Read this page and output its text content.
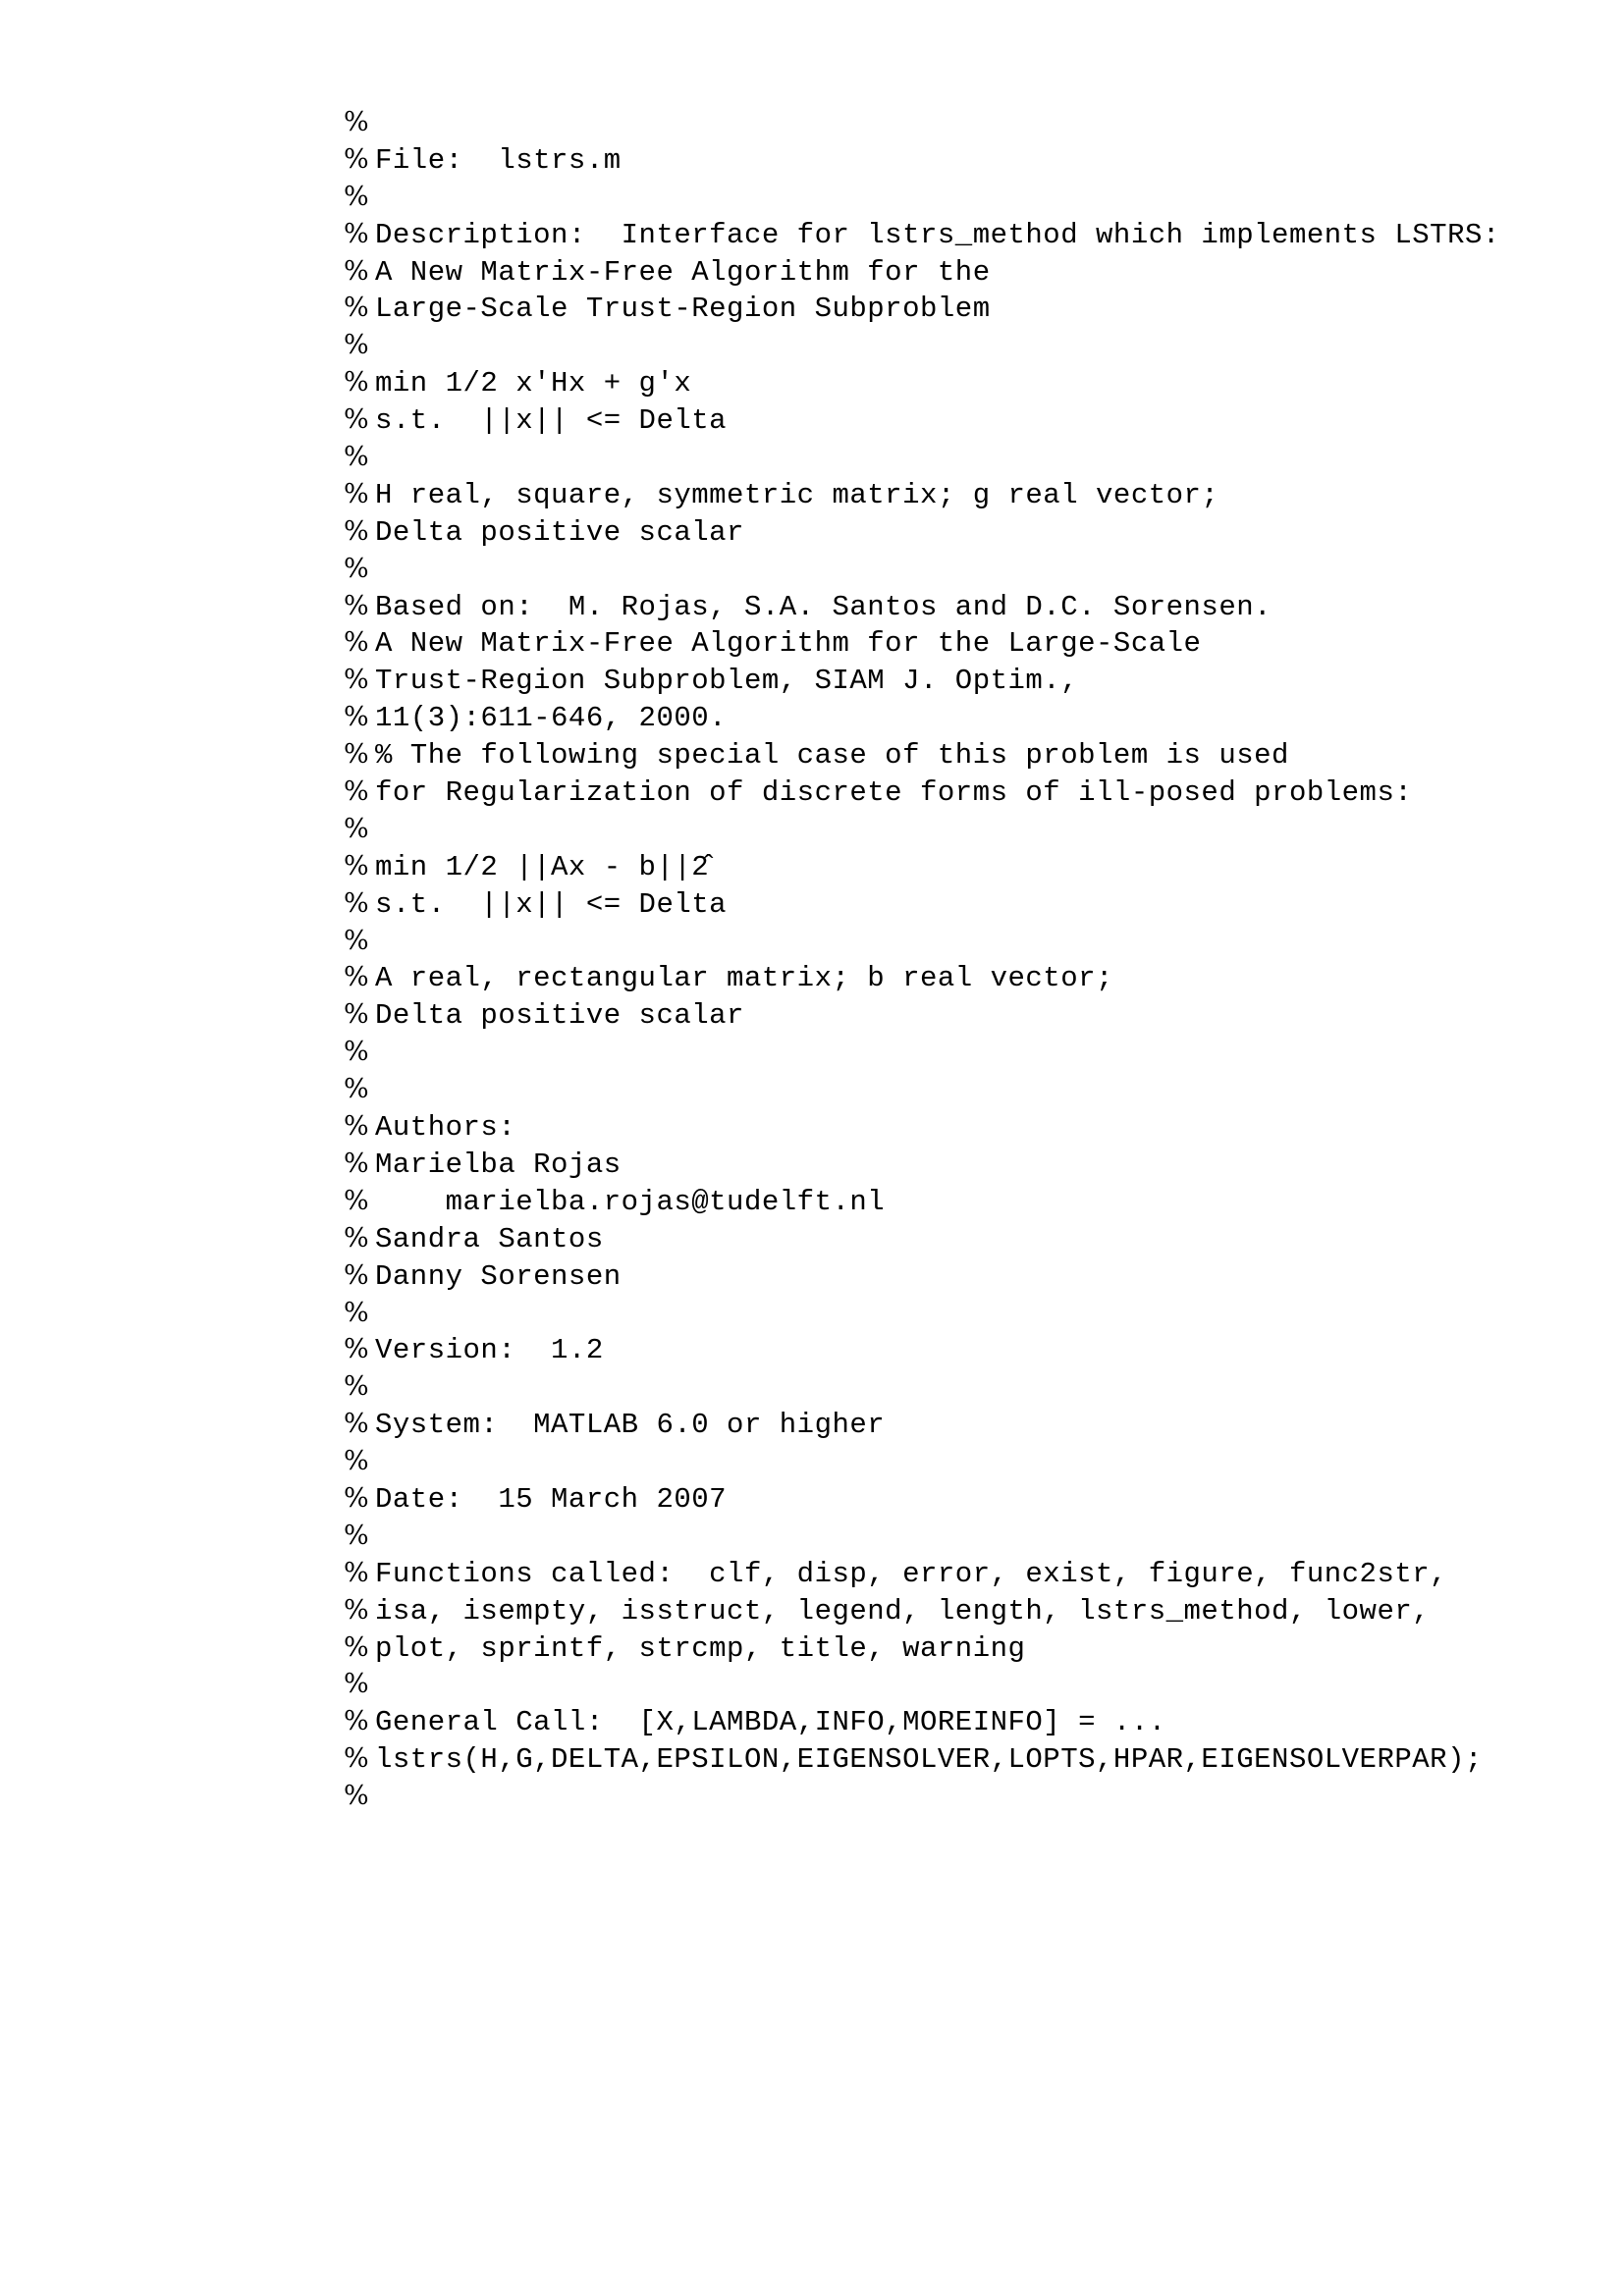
%
% File:  lstrs.m
%
% Description:  Interface for lstrs_method which implements LSTRS:
% A New Matrix-Free Algorithm for the
% Large-Scale Trust-Region Subproblem
%
% min 1/2 x'Hx + g'x
% s.t.  ||x|| <= Delta
%
% H real, square, symmetric matrix; g real vector;
% Delta positive scalar
%
% Based on:  M. Rojas, S.A. Santos and D.C. Sorensen.
% A New Matrix-Free Algorithm for the Large-Scale
% Trust-Region Subproblem, SIAM J. Optim.,
% 11(3):611-646, 2000.
% % The following special case of this problem is used
% for Regularization of discrete forms of ill-posed problems:
%
% min 1/2 ||Ax - b||2̂
% s.t.  ||x|| <= Delta
%
% A real, rectangular matrix; b real vector;
% Delta positive scalar
%
%
% Authors:
% Marielba Rojas
% marielba.rojas@tudelft.nl
% Sandra Santos
% Danny Sorensen
%
% Version:  1.2
%
% System:  MATLAB 6.0 or higher
%
% Date:  15 March 2007
%
% Functions called:  clf, disp, error, exist, figure, func2str,
% isa, isempty, isstruct, legend, length, lstrs_method, lower,
% plot, sprintf, strcmp, title, warning
%
% General Call:  [X,LAMBDA,INFO,MOREINFO] = ...
% lstrs(H,G,DELTA,EPSILON,EIGENSOLVER,LOPTS,HPAR,EIGENSOLVERPAR);
%
